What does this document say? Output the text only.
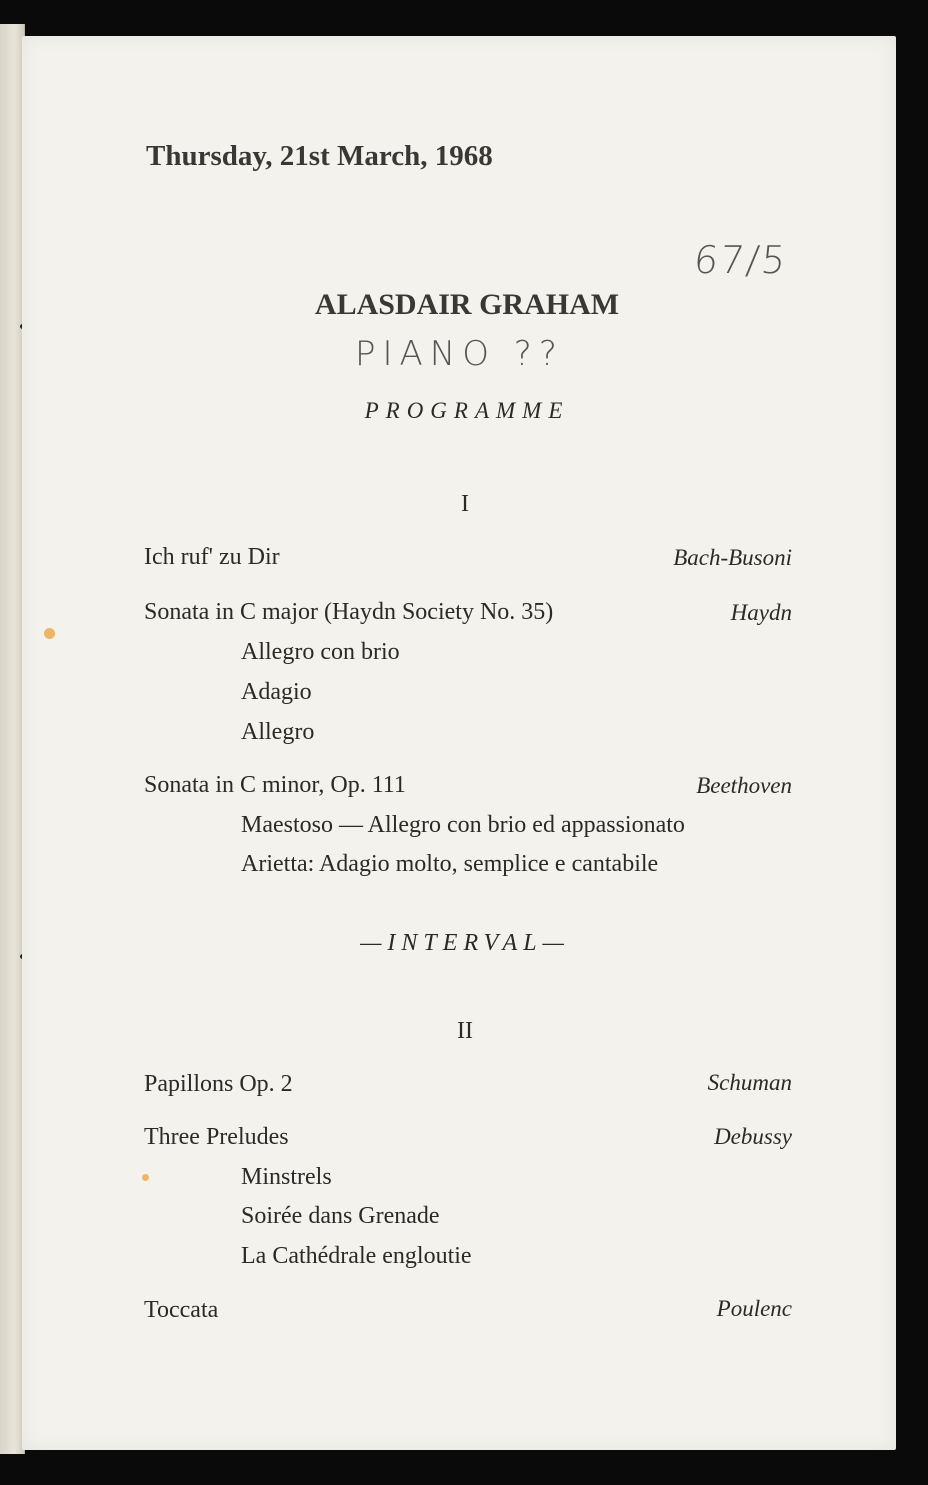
Thursday, 21st March, 1968
67/5
ALASDAIR GRAHAM
PIANO ??
PROGRAMME
I
Ich ruf' zu Dir	Bach-Busoni
Sonata in C major (Haydn Society No. 35)	Haydn
Allegro con brio
Adagio
Allegro
Sonata in C minor, Op. 111	Beethoven
Maestoso — Allegro con brio ed appassionato
Arietta: Adagio molto, semplice e cantabile
—INTERVAL—
II
Papillons Op. 2	Schuman
Three Preludes	Debussy
Minstrels
Soirée dans Grenade
La Cathédrale engloutie
Toccata	Poulenc
